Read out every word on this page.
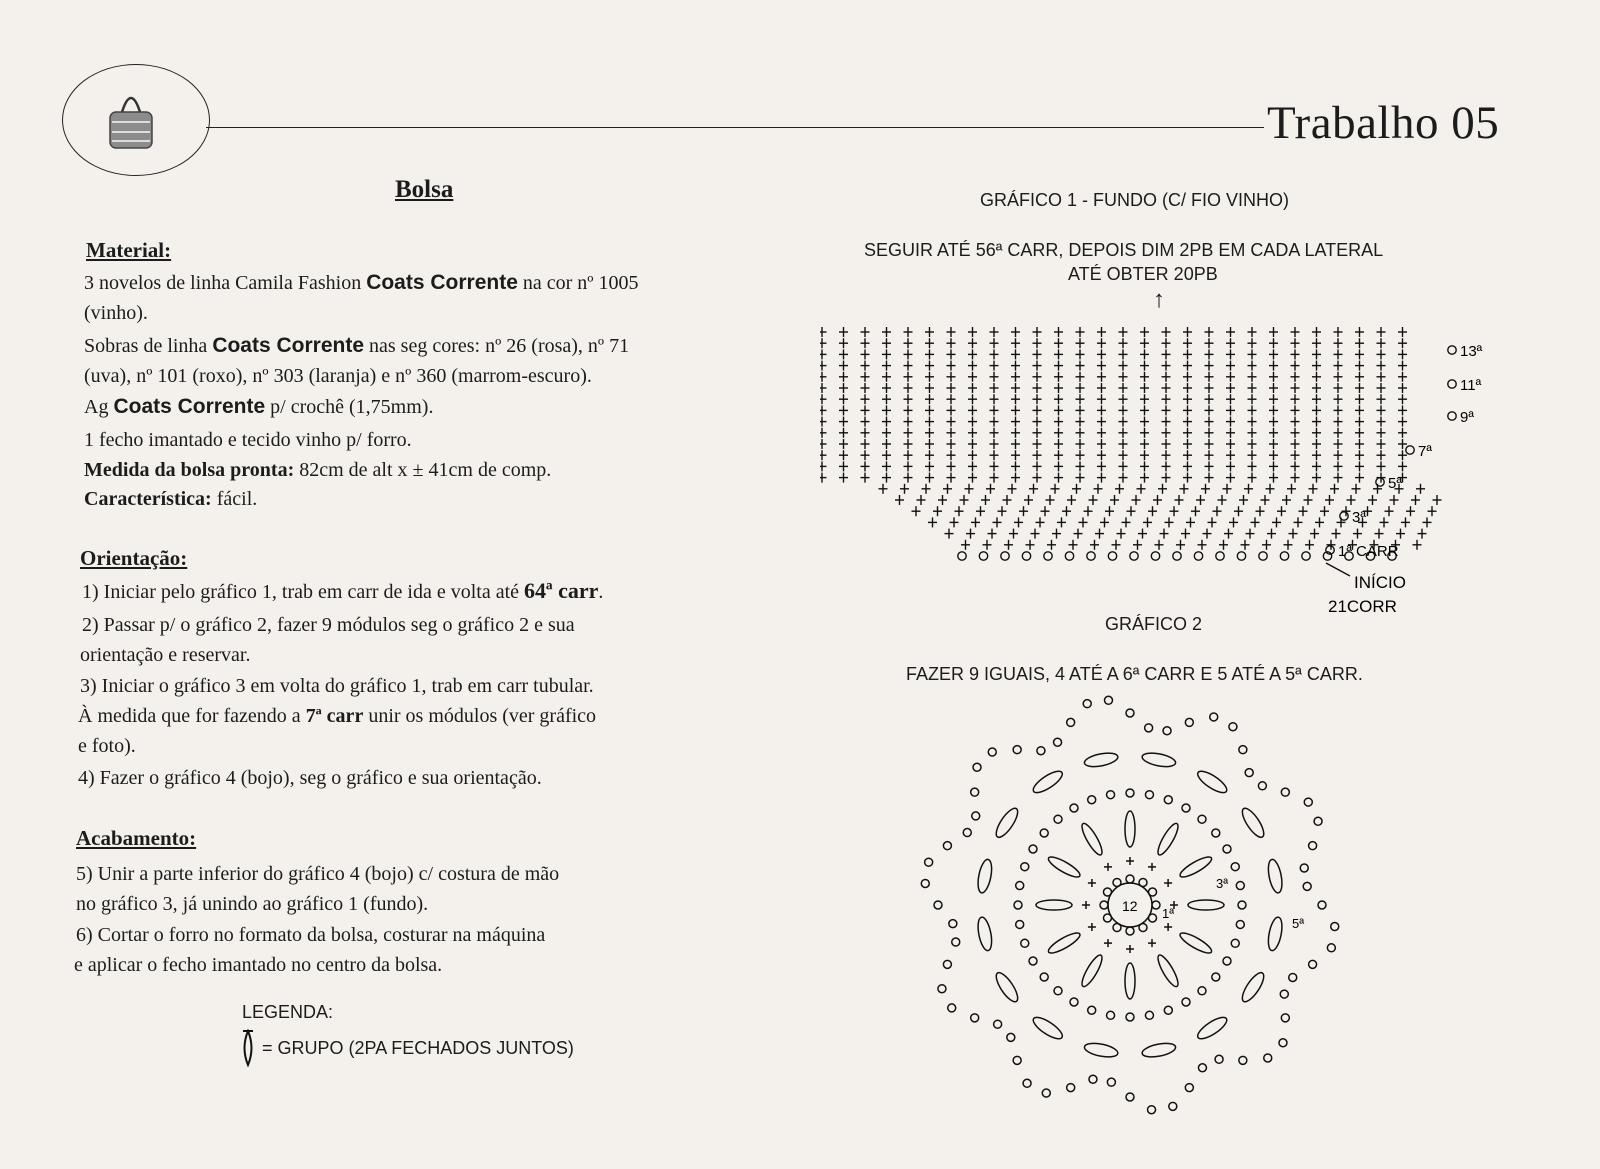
Trabalho 05
Bolsa
Material:
3 novelos de linha Camila Fashion Coats Corrente na cor nº 1005
(vinho).
Sobras de linha Coats Corrente nas seg cores: nº 26 (rosa), nº 71
(uva), nº 101 (roxo), nº 303 (laranja) e nº 360 (marrom-escuro).
Ag Coats Corrente p/ crochê (1,75mm).
1 fecho imantado e tecido vinho p/ forro.
Medida da bolsa pronta: 82cm de alt x ± 41cm de comp.
Característica: fácil.
Orientação:
1) Iniciar pelo gráfico 1, trab em carr de ida e volta até 64ª carr.
2) Passar p/ o gráfico 2, fazer 9 módulos seg o gráfico 2 e sua
orientação e reservar.
3) Iniciar o gráfico 3 em volta do gráfico 1, trab em carr tubular.
À medida que for fazendo a 7ª carr unir os módulos (ver gráfico
e foto).
4) Fazer o gráfico 4 (bojo), seg o gráfico e sua orientação.
Acabamento:
5) Unir a parte inferior do gráfico 4 (bojo) c/ costura de mão
no gráfico 3, já unindo ao gráfico 1 (fundo).
6) Cortar o forro no formato da bolsa, costurar na máquina
e aplicar o fecho imantado no centro da bolsa.
LEGENDA:
= GRUPO (2PA FECHADOS JUNTOS)
GRÁFICO 1 - FUNDO (C/ FIO VINHO)
SEGUIR ATÉ 56ª CARR, DEPOIS DIM 2PB EM CADA LATERAL
ATÉ OBTER 20PB
↑
13ª
11ª
9ª
7ª
5ª
3ª
1ª CARR
INÍCIO
21CORR
GRÁFICO 2
FAZER 9 IGUAIS, 4 ATÉ A 6ª CARR E 5 ATÉ A 5ª CARR.
12 1ª
3ª
5ª
